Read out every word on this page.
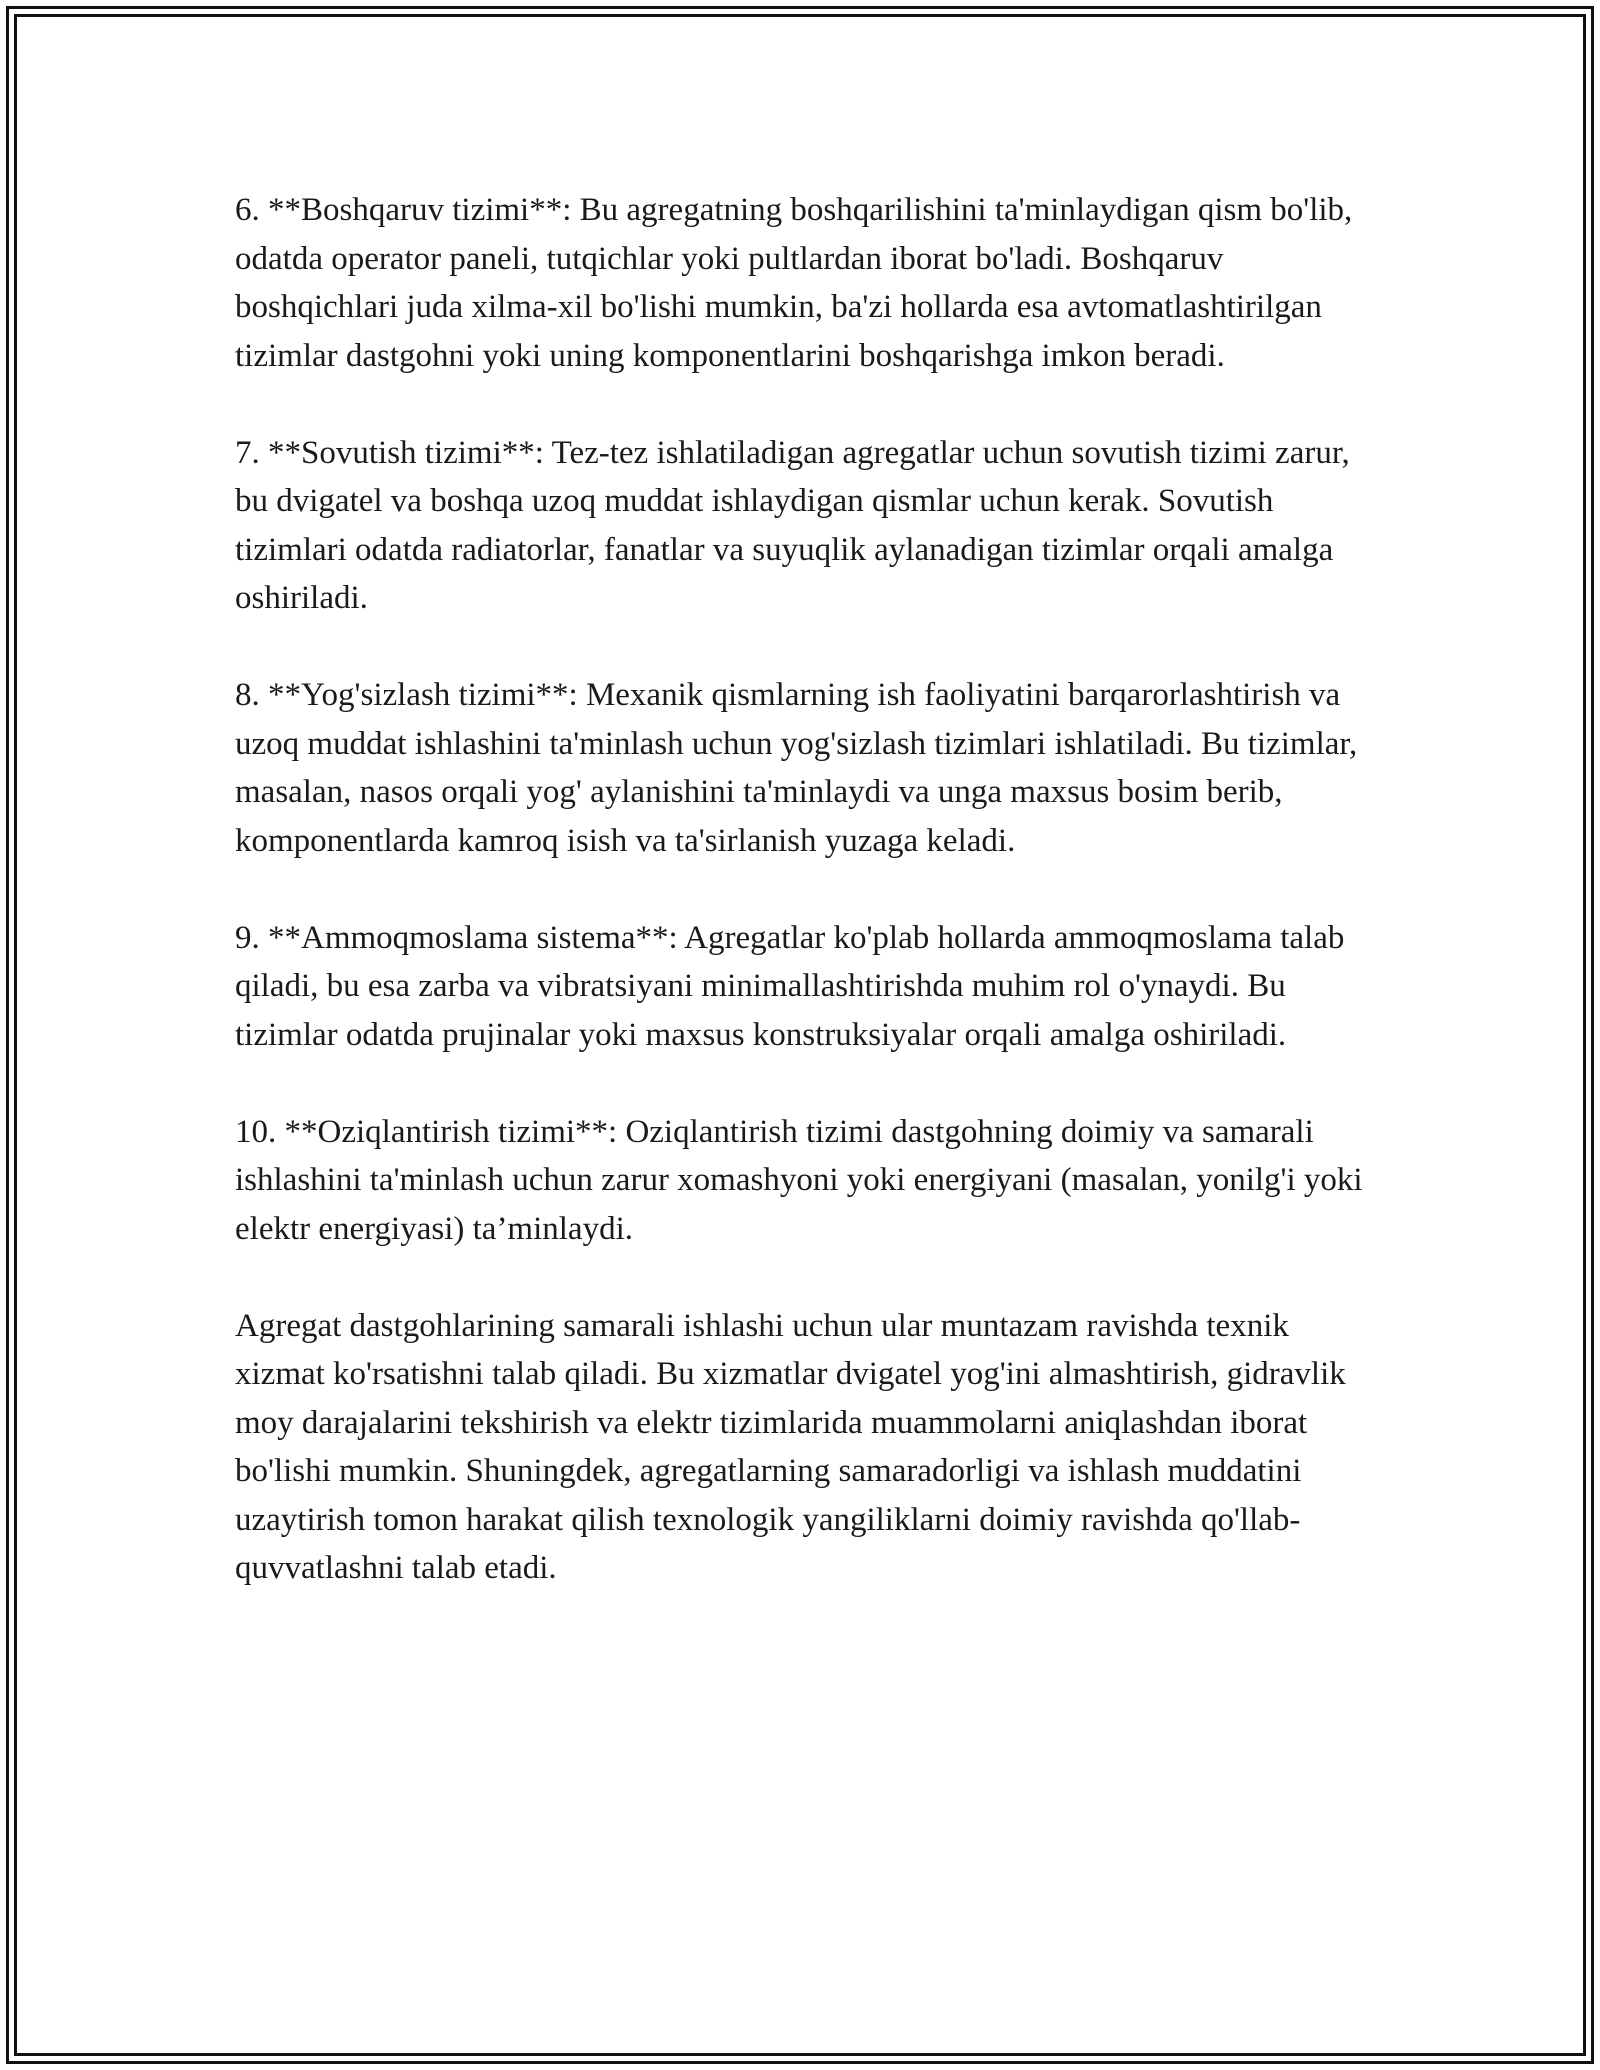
6. **Boshqaruv tizimi**: Bu agregatning boshqarilishini ta'minlaydigan qism bo'lib, odatda operator paneli, tutqichlar yoki pultlardan iborat bo'ladi. Boshqaruv boshqichlari juda xilma-xil bo'lishi mumkin, ba'zi hollarda esa avtomatlashtirilgan tizimlar dastgohni yoki uning komponentlarini boshqarishga imkon beradi.

7. **Sovutish tizimi**: Tez-tez ishlatiladigan agregatlar uchun sovutish tizimi zarur, bu dvigatel va boshqa uzoq muddat ishlaydigan qismlar uchun kerak. Sovutish tizimlari odatda radiatorlar, fanatlar va suyuqlik aylanadigan tizimlar orqali amalga oshiriladi.

8. **Yog'sizlash tizimi**: Mexanik qismlarning ish faoliyatini barqarorlashtirish va uzoq muddat ishlashini ta'minlash uchun yog'sizlash tizimlari ishlatiladi. Bu tizimlar, masalan, nasos orqali yog' aylanishini ta'minlaydi va unga maxsus bosim berib, komponentlarda kamroq isish va ta'sirlanish yuzaga keladi.

9. **Ammoqmoslama sistema**: Agregatlar ko'plab hollarda ammoqmoslama talab qiladi, bu esa zarba va vibratsiyani minimallashtirishda muhim rol o'ynaydi. Bu tizimlar odatda prujinalar yoki maxsus konstruksiyalar orqali amalga oshiriladi.

10. **Oziqlantirish tizimi**: Oziqlantirish tizimi dastgohning doimiy va samarali ishlashini ta'minlash uchun zarur xomashyoni yoki energiyani (masalan, yonilg'i yoki elektr energiyasi) ta’minlaydi.

Agregat dastgohlarining samarali ishlashi uchun ular muntazam ravishda texnik xizmat ko'rsatishni talab qiladi. Bu xizmatlar dvigatel yog'ini almashtirish, gidravlik moy darajalarini tekshirish va elektr tizimlarida muammolarni aniqlashdan iborat bo'lishi mumkin. Shuningdek, agregatlarning samaradorligi va ishlash muddatini uzaytirish tomon harakat qilish texnologik yangiliklarni doimiy ravishda qo'llab-quvvatlashni talab etadi.
